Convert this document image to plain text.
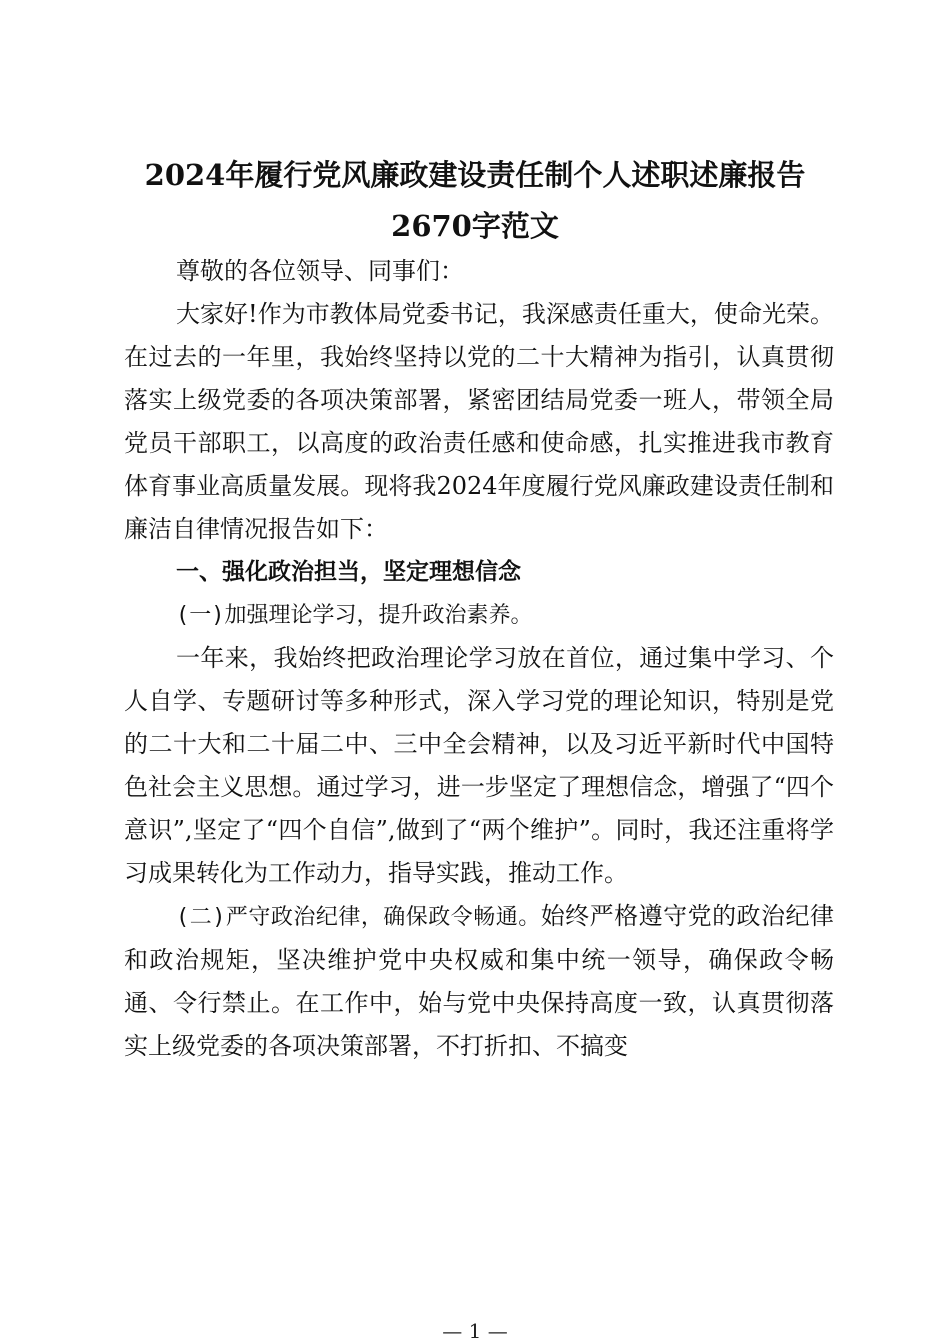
2024年履行党风廉政建设责任制个人述职述廉报告2670字范文

尊敬的各位领导、同事们：

大家好!作为市教体局党委书记，我深感责任重大，使命光荣。在过去的一年里，我始终坚持以党的二十大精神为指引，认真贯彻落实上级党委的各项决策部署，紧密团结局党委一班人，带领全局党员干部职工，以高度的政治责任感和使命感，扎实推进我市教育体育事业高质量发展。现将我2024年度履行党风廉政建设责任制和廉洁自律情况报告如下：

一、强化政治担当，坚定理想信念

(一)加强理论学习，提升政治素养。

一年来，我始终把政治理论学习放在首位，通过集中学习、个人自学、专题研讨等多种形式，深入学习党的理论知识，特别是党的二十大和二十届二中、三中全会精神，以及习近平新时代中国特色社会主义思想。通过学习，进一步坚定了理想信念，增强了“四个意识”,坚定了“四个自信”,做到了“两个维护”。同时，我还注重将学习成果转化为工作动力，指导实践，推动工作。

(二)严守政治纪律，确保政令畅通。始终严格遵守党的政治纪律和政治规矩，坚决维护党中央权威和集中统一领导，确保政令畅通、令行禁止。在工作中，始与党中央保持高度一致，认真贯彻落实上级党委的各项决策部署，不打折扣、不搞变

— 1 —
